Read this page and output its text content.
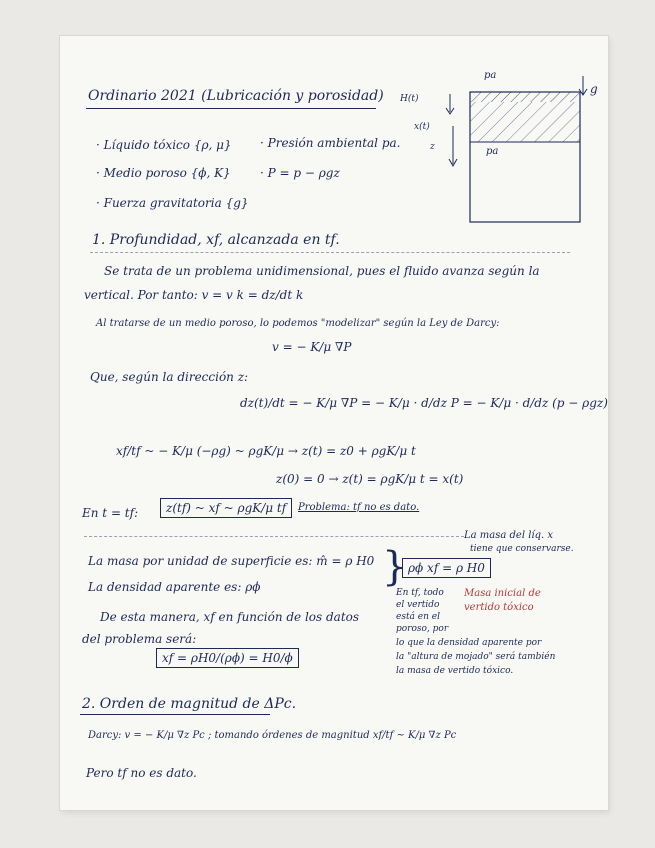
Ordinario 2021 (Lubricación y porosidad)
· Líquido tóxico {ρ, μ}
· Medio poroso {ϕ, K}
· Fuerza gravitatoria {g}
· Presión ambiental pa.
· P = p − ρgz
pa
g
H(t)
x(t)
z	pa
1. Profundidad, xf, alcanzada en tf.
Se trata de un problema unidimensional, pues el fluido avanza según la
vertical. Por tanto: v = v k = dz/dt k
Al tratarse de un medio poroso, lo podemos "modelizar" según la Ley de Darcy:
v = − K/μ ∇P
Que, según la dirección z:
dz(t)/dt = − K/μ ∇P = − K/μ · d/dz P = − K/μ · d/dz (p − ρgz)
xf/tf ~ − K/μ (−ρg) ~ ρgK/μ → z(t) = z0 + ρgK/μ t
z(0) = 0 → z(t) = ρgK/μ t = x(t)
En t = tf:	z(tf) ~ xf ~ ρgK/μ tf	Problema: tf no es dato.
La masa del líq. x
tiene que conservarse.
La masa por unidad de superficie es: m̂ = ρ H0
La densidad aparente es: ρϕ	} ρϕ xf = ρ H0
En tf, todo
el vertido
está en el
poroso, por
Masa inicial de
vertido tóxico
lo que la densidad aparente por
la "altura de mojado" será también
la masa de vertido tóxico.
De esta manera, xf en función de los datos
del problema será:
xf = ρH0/(ρϕ) = H0/ϕ
2. Orden de magnitud de ΔPc.
Darcy: v = − K/μ ∇z Pc ; tomando órdenes de magnitud xf/tf ~ K/μ ∇z Pc
Pero tf no es dato.
